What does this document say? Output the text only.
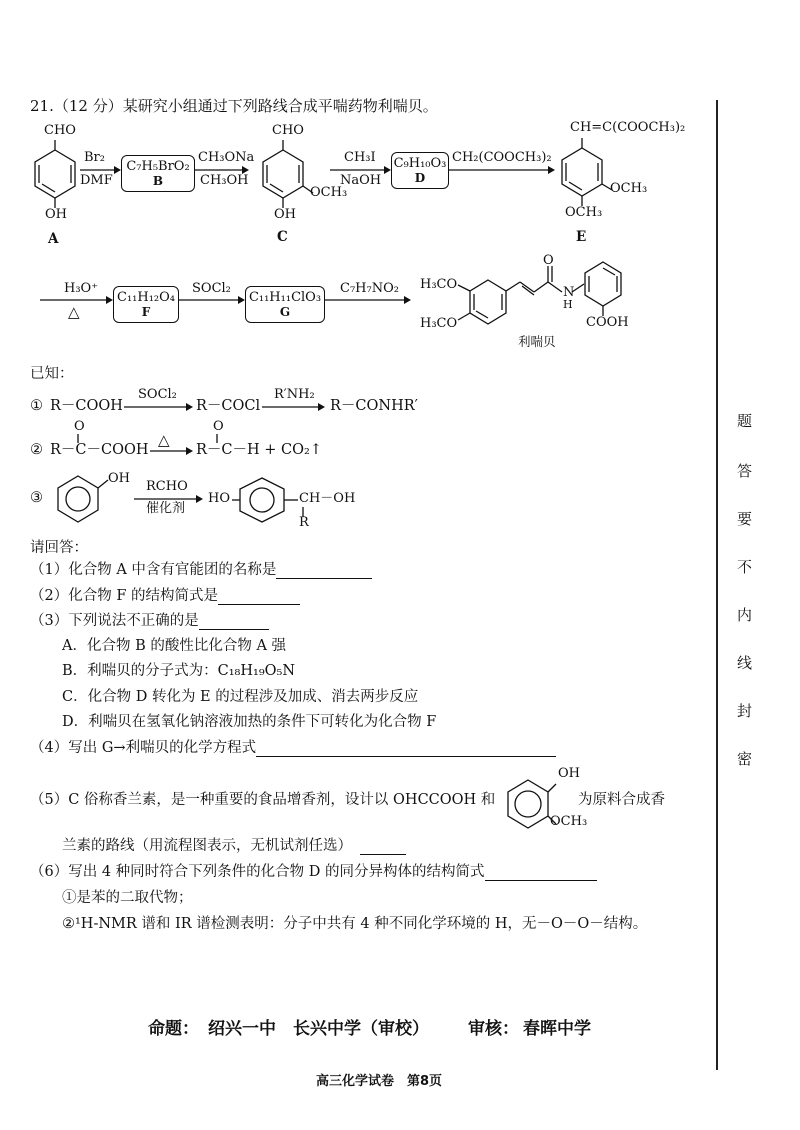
21.（12 分）某研究小组通过下列路线合成平喘药物利喘贝。
CHO
OH
A
Br₂
DMF
C₇H₅BrO₂
B
CH₃ONa
CH₃OH
CHO
OH
OCH₃
C
CH₃I
NaOH
C₉H₁₀O₃
D
CH₂(COOCH₃)₂
CH=C(COOCH₃)₂
OCH₃
OCH₃
E
H₃O⁺
△
C₁₁H₁₂O₄
F
SOCl₂
C₁₁H₁₁ClO₃
G
C₇H₇NO₂ H₃CO
H₃CO
O
N
H
COOH
利喘贝
已知：
① R－COOH
SOCl₂
R－COCl
R′NH₂
R－CONHR′
O
② R－C－COOH
△
O
R－C－H + CO₂↑
③
OH
RCHO
催化剂
HO	CH－OH
R
请回答：
（1）化合物 A 中含有官能团的名称是
（2）化合物 F 的结构简式是
（3）下列说法不正确的是
A．化合物 B 的酸性比化合物 A 强
B．利喘贝的分子式为：C₁₈H₁₉O₅N
C．化合物 D 转化为 E 的过程涉及加成、消去两步反应
D．利喘贝在氢氧化钠溶液加热的条件下可转化为化合物 F
（4）写出 G→利喘贝的化学方程式
（5）C 俗称香兰素，是一种重要的食品增香剂，设计以 OHCCOOH 和
OH
OCH₃
为原料合成香
兰素的路线（用流程图表示，无机试剂任选）
（6）写出 4 种同时符合下列条件的化合物 D 的同分异构体的结构简式
①是苯的二取代物；
②¹H-NMR 谱和 IR 谱检测表明：分子中共有 4 种不同化学环境的 H，无－O－O－结构。
命题： 绍兴一中　长兴中学（审校） 审核： 春晖中学
高三化学试卷　第8页
题
答
要
不
内
线
封
密
